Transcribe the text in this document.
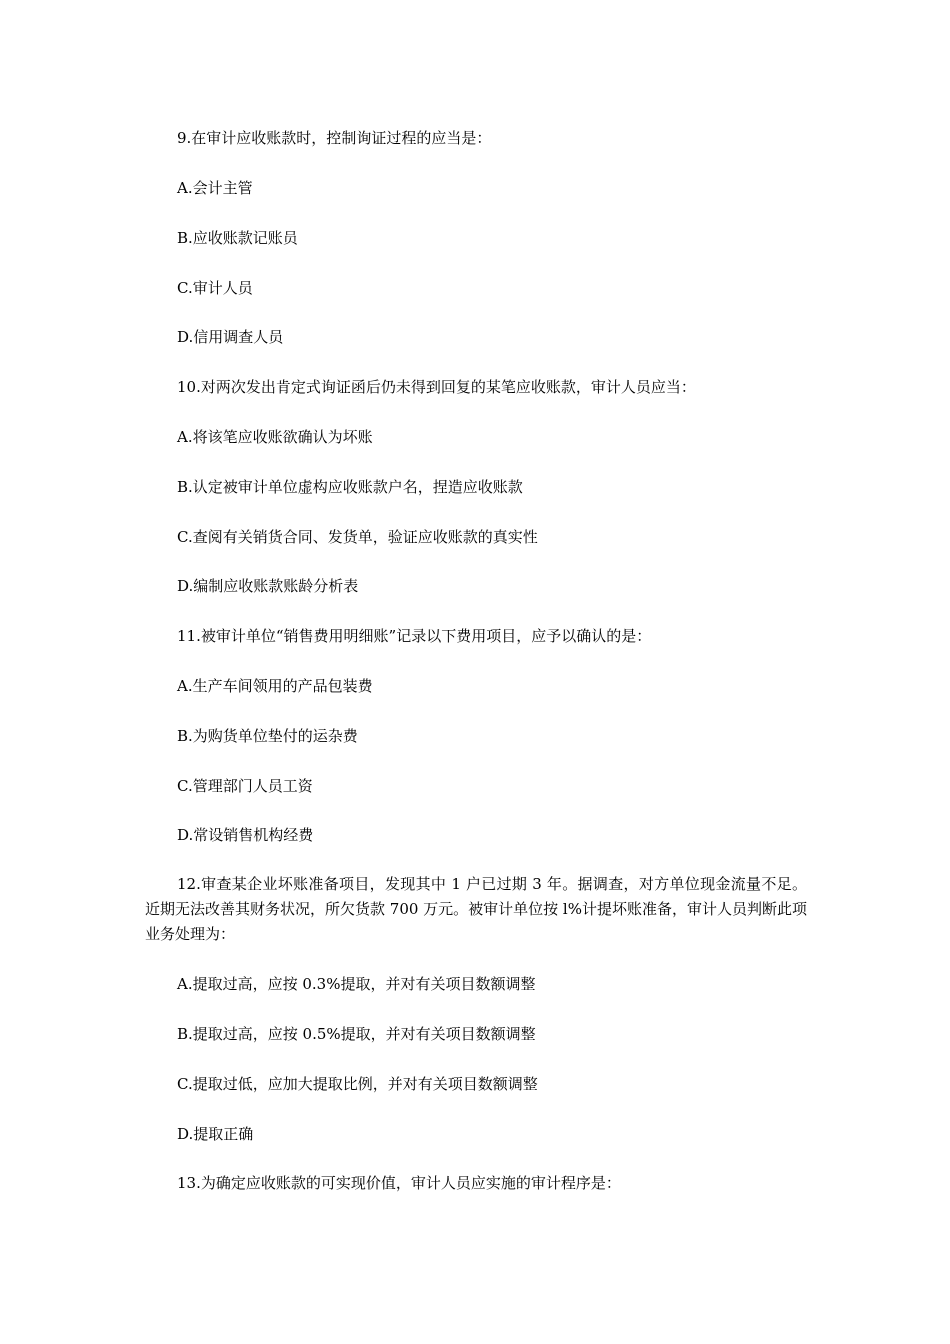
9.在审计应收账款时，控制询证过程的应当是：
A.会计主管
B.应收账款记账员
C.审计人员
D.信用调查人员
10.对两次发出肯定式询证函后仍未得到回复的某笔应收账款，审计人员应当：
A.将该笔应收账欲确认为坏账
B.认定被审计单位虚构应收账款户名，捏造应收账款
C.查阅有关销货合同、发货单，验证应收账款的真实性
D.编制应收账款账龄分析表
11.被审计单位“销售费用明细账”记录以下费用项目，应予以确认的是：
A.生产车间领用的产品包装费
B.为购货单位垫付的运杂费
C.管理部门人员工资
D.常设销售机构经费
12.审查某企业坏账准备项目，发现其中 1 户已过期 3 年。据调查，对方单位现金流量不足。近期无法改善其财务状况，所欠货款 700 万元。被审计单位按 l%计提坏账准备，审计人员判断此项业务处理为：
A.提取过高，应按 0.3%提取，并对有关项目数额调整
B.提取过高，应按 0.5%提取，并对有关项目数额调整
C.提取过低，应加大提取比例，并对有关项目数额调整
D.提取正确
13.为确定应收账款的可实现价值，审计人员应实施的审计程序是：
